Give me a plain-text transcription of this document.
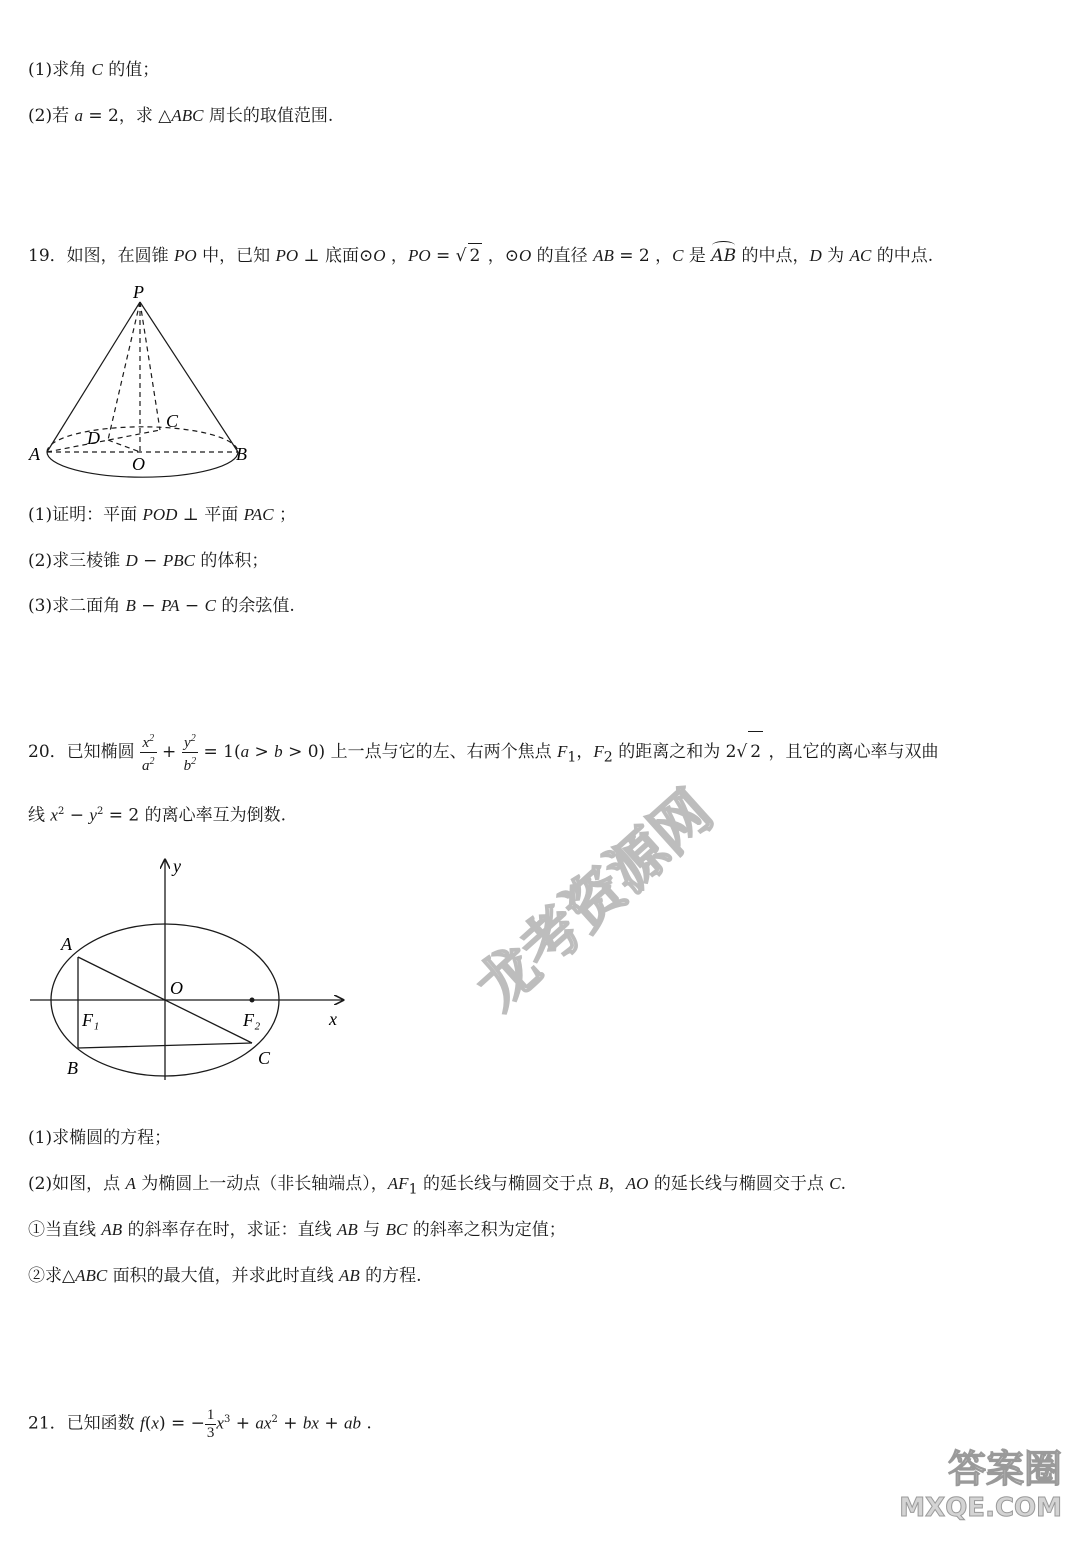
(1)求角 C 的值；
(2)若 a = 2，求 △ABC 周长的取值范围.
19．如图，在圆锥 PO 中，已知 PO ⊥ 底面⊙O ，PO = √ 2 ，⊙O 的直径 AB = 2 ，C 是 AB 的中点，D 为 AC 的中点.
P
C
D
A	O	B
(1)证明：平面 POD ⊥ 平面 PAC ；
(2)求三棱锥 D − PBC 的体积；
(3)求二面角 B − PA − C 的余弦值.
20．已知椭圆 $\frac{x^2}{a^2} + \frac{y^2}{b^2} = 1(a > b > 0)$ 上一点与它的左、右两个焦点 $F_1$，$F_2$ 的距离之和为 2√ 2 ，且它的离心率与双曲
线 $x^2 - y^2 = 2$ 的离心率互为倒数.
y
A
O
F₁	F₂	x
B	C
(1)求椭圆的方程；
(2)如图，点 A 为椭圆上一动点（非长轴端点），$AF_1$ 的延长线与椭圆交于点 B，AO 的延长线与椭圆交于点 C.
①当直线 AB 的斜率存在时，求证：直线 AB 与 BC 的斜率之积为定值；
②求△ABC 面积的最大值，并求此时直线 AB 的方程.
21．已知函数 f(x) = − $\frac{1}{3} x^3 + ax^2$ + bx + ab .
龙考资源网
答案圈
MXQE.COM
